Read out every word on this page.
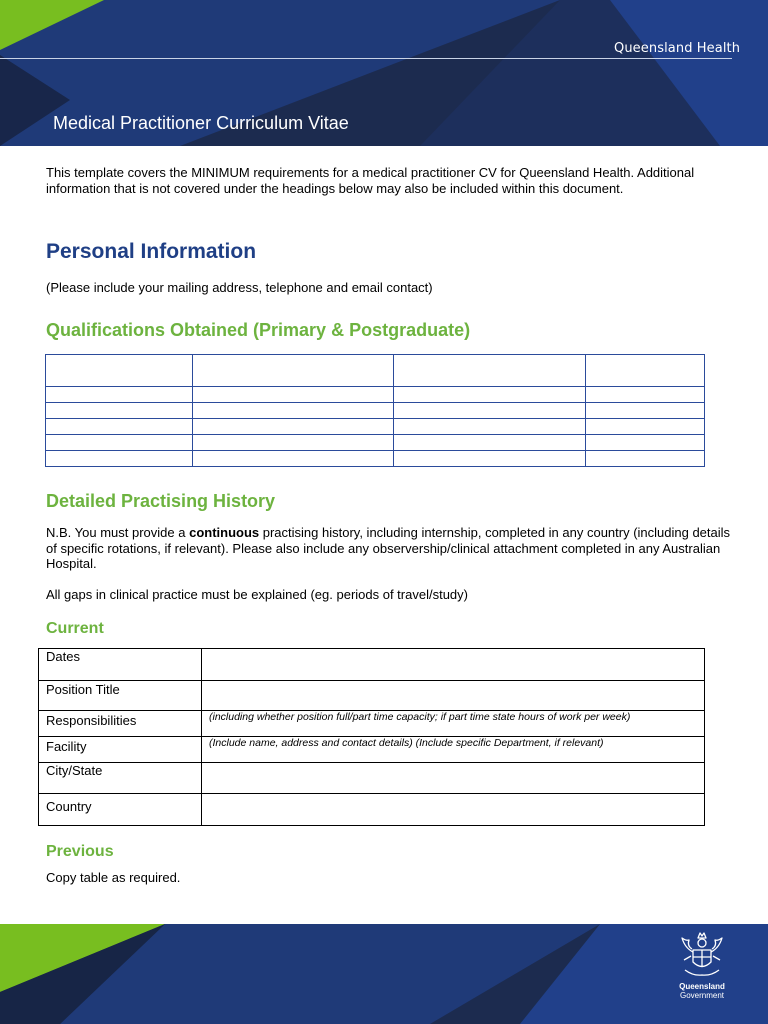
Queensland Health
Medical Practitioner Curriculum Vitae
This template covers the MINIMUM requirements for a medical practitioner CV for Queensland Health. Additional information that is not covered under the headings below may also be included within this document.
Personal Information
(Please include your mailing address, telephone and email contact)
Qualifications Obtained (Primary & Postgraduate)

Detailed Practising History
N.B. You must provide a continuous practising history, including internship, completed in any country (including details of specific rotations, if relevant). Please also include any observership/clinical attachment completed in any Australian Hospital.
All gaps in clinical practice must be explained (eg. periods of travel/study)
Current
Dates	
Position Title	
Responsibilities	(including whether position full/part time capacity; if part time state hours of work per week)
Facility	(Include name, address and contact details) (Include specific Department, if relevant)
City/State	
Country	
Previous
Copy table as required.
Queensland
Government
